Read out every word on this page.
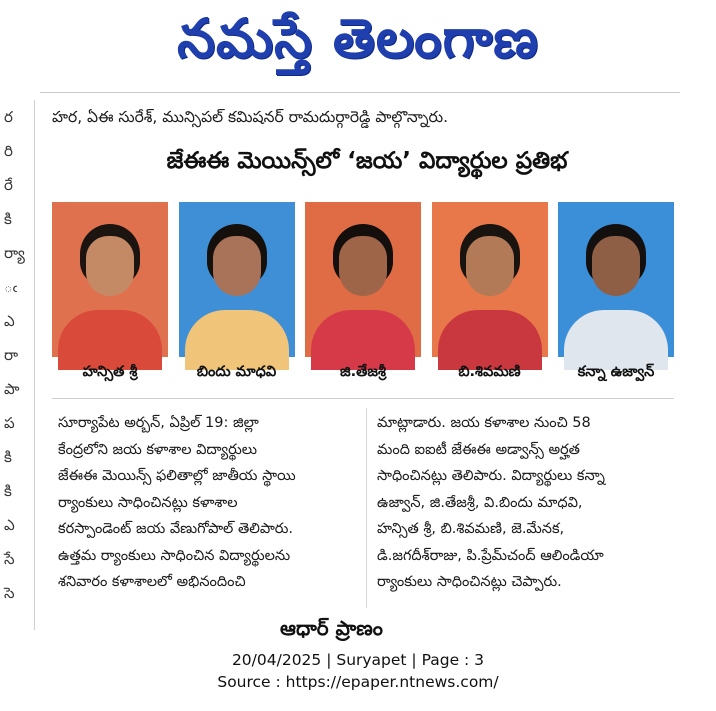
నమస్తే తెలంగాణ
ర
రి
రే
కి
ర్యా
ఁ
ఎ
రా
పా
ప
కి
కి
ఎ
సే
సె
హర, ఏఈ సురేశ్‌, మున్సిపల్‌ కమిషనర్‌ రామదుర్గారెడ్డి పాల్గొన్నారు.
జేఈఈ మెయిన్స్‌లో ‘జయ’ విద్యార్థుల ప్రతిభ
హన్సిత శ్రీ	బిందు మాధవి	జి.తేజశ్రీ	బి.శివమణి	కన్నా ఉజ్వాన్‌
సూర్యాపేట అర్బన్‌, ఏప్రిల్‌ 19: జిల్లా
కేంద్రలోని జయ కళాశాల విద్యార్థులు
జేఈఈ మెయిన్స్‌ ఫలితాల్లో జాతీయ స్థాయి
ర్యాంకులు సాధించినట్లు కళాశాల
కరస్పాండెంట్‌ జయ వేణుగోపాల్‌ తెలిపారు.
ఉత్తమ ర్యాంకులు సాధించిన విద్యార్థులను
శనివారం కళాశాలలో అభినందించి
మాట్లాడారు. జయ కళాశాల నుంచి 58
మంది ఐఐటీ జేఈఈ అడ్వాన్స్‌ అర్హత
సాధించినట్లు తెలిపారు. విద్యార్థులు కన్నా
ఉజ్వాన్‌, జి.తేజశ్రీ, వి.బిందు మాధవి,
హన్సిత శ్రీ, బి.శివమణి, జె.మేనక,
డి.జగదీశ్‌రాజు, పి.ప్రేమ్‌చంద్‌ ఆలిండియా
ర్యాంకులు సాధించినట్లు చెప్పారు.
ఆధార్‌ ప్రాణం
20/04/2025 | Suryapet | Page : 3
Source : https://epaper.ntnews.com/
